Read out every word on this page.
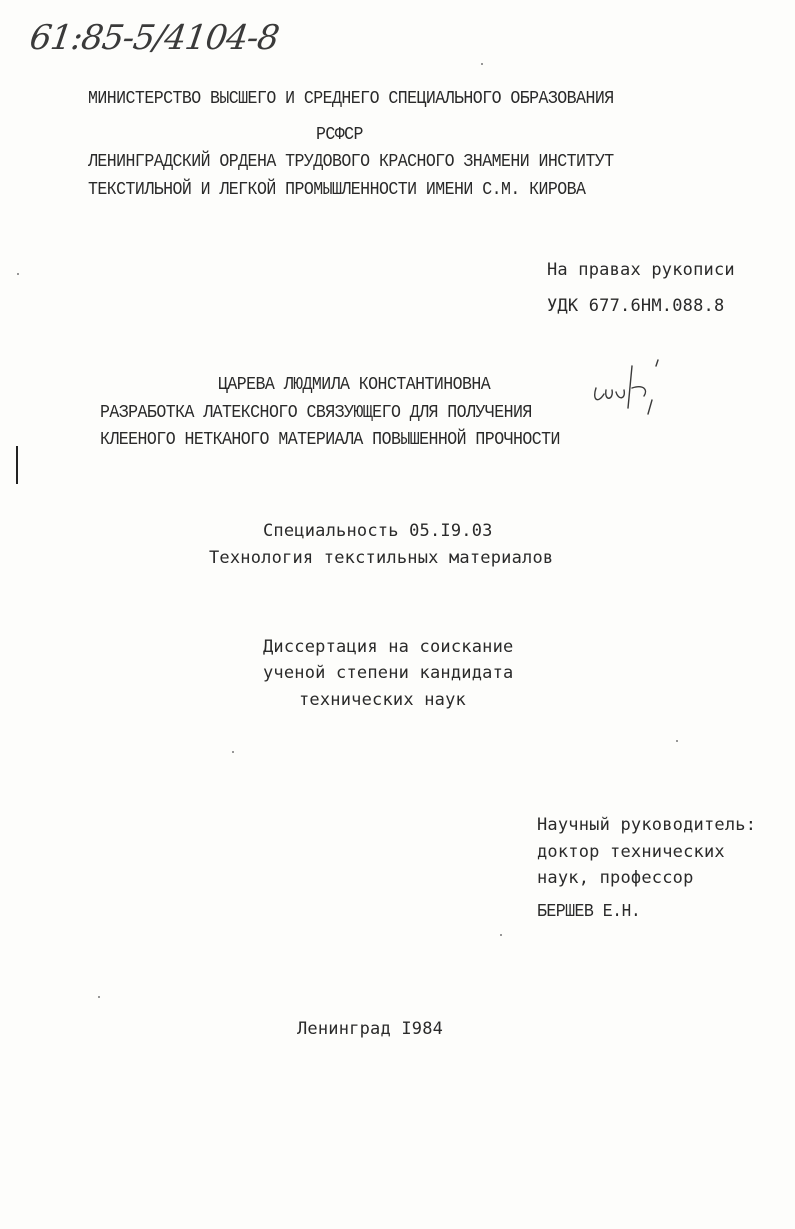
61:85-5/4104-8
МИНИСТЕРСТВО ВЫСШЕГО И СРЕДНЕГО СПЕЦИАЛЬНОГО ОБРАЗОВАНИЯ
РСФСР
ЛЕНИНГРАДСКИЙ ОРДЕНА ТРУДОВОГО КРАСНОГО ЗНАМЕНИ ИНСТИТУТ
ТЕКСТИЛЬНОЙ И ЛЕГКОЙ ПРОМЫШЛЕННОСТИ ИМЕНИ С.М. КИРОВА
На правах рукописи
УДК 677.6НМ.088.8
ЦАРЕВА ЛЮДМИЛА КОНСТАНТИНОВНА
РАЗРАБОТКА ЛАТЕКСНОГО СВЯЗУЮЩЕГО ДЛЯ ПОЛУЧЕНИЯ
КЛЕЕНОГО НЕТКАНОГО МАТЕРИАЛА ПОВЫШЕННОЙ ПРОЧНОСТИ
Специальность 05.I9.03
Технология текстильных материалов
Диссертация на соискание
ученой степени кандидата
технических наук
Научный руководитель:
доктор технических
наук, профессор
БЕРШЕВ Е.Н.
Ленинград I984
